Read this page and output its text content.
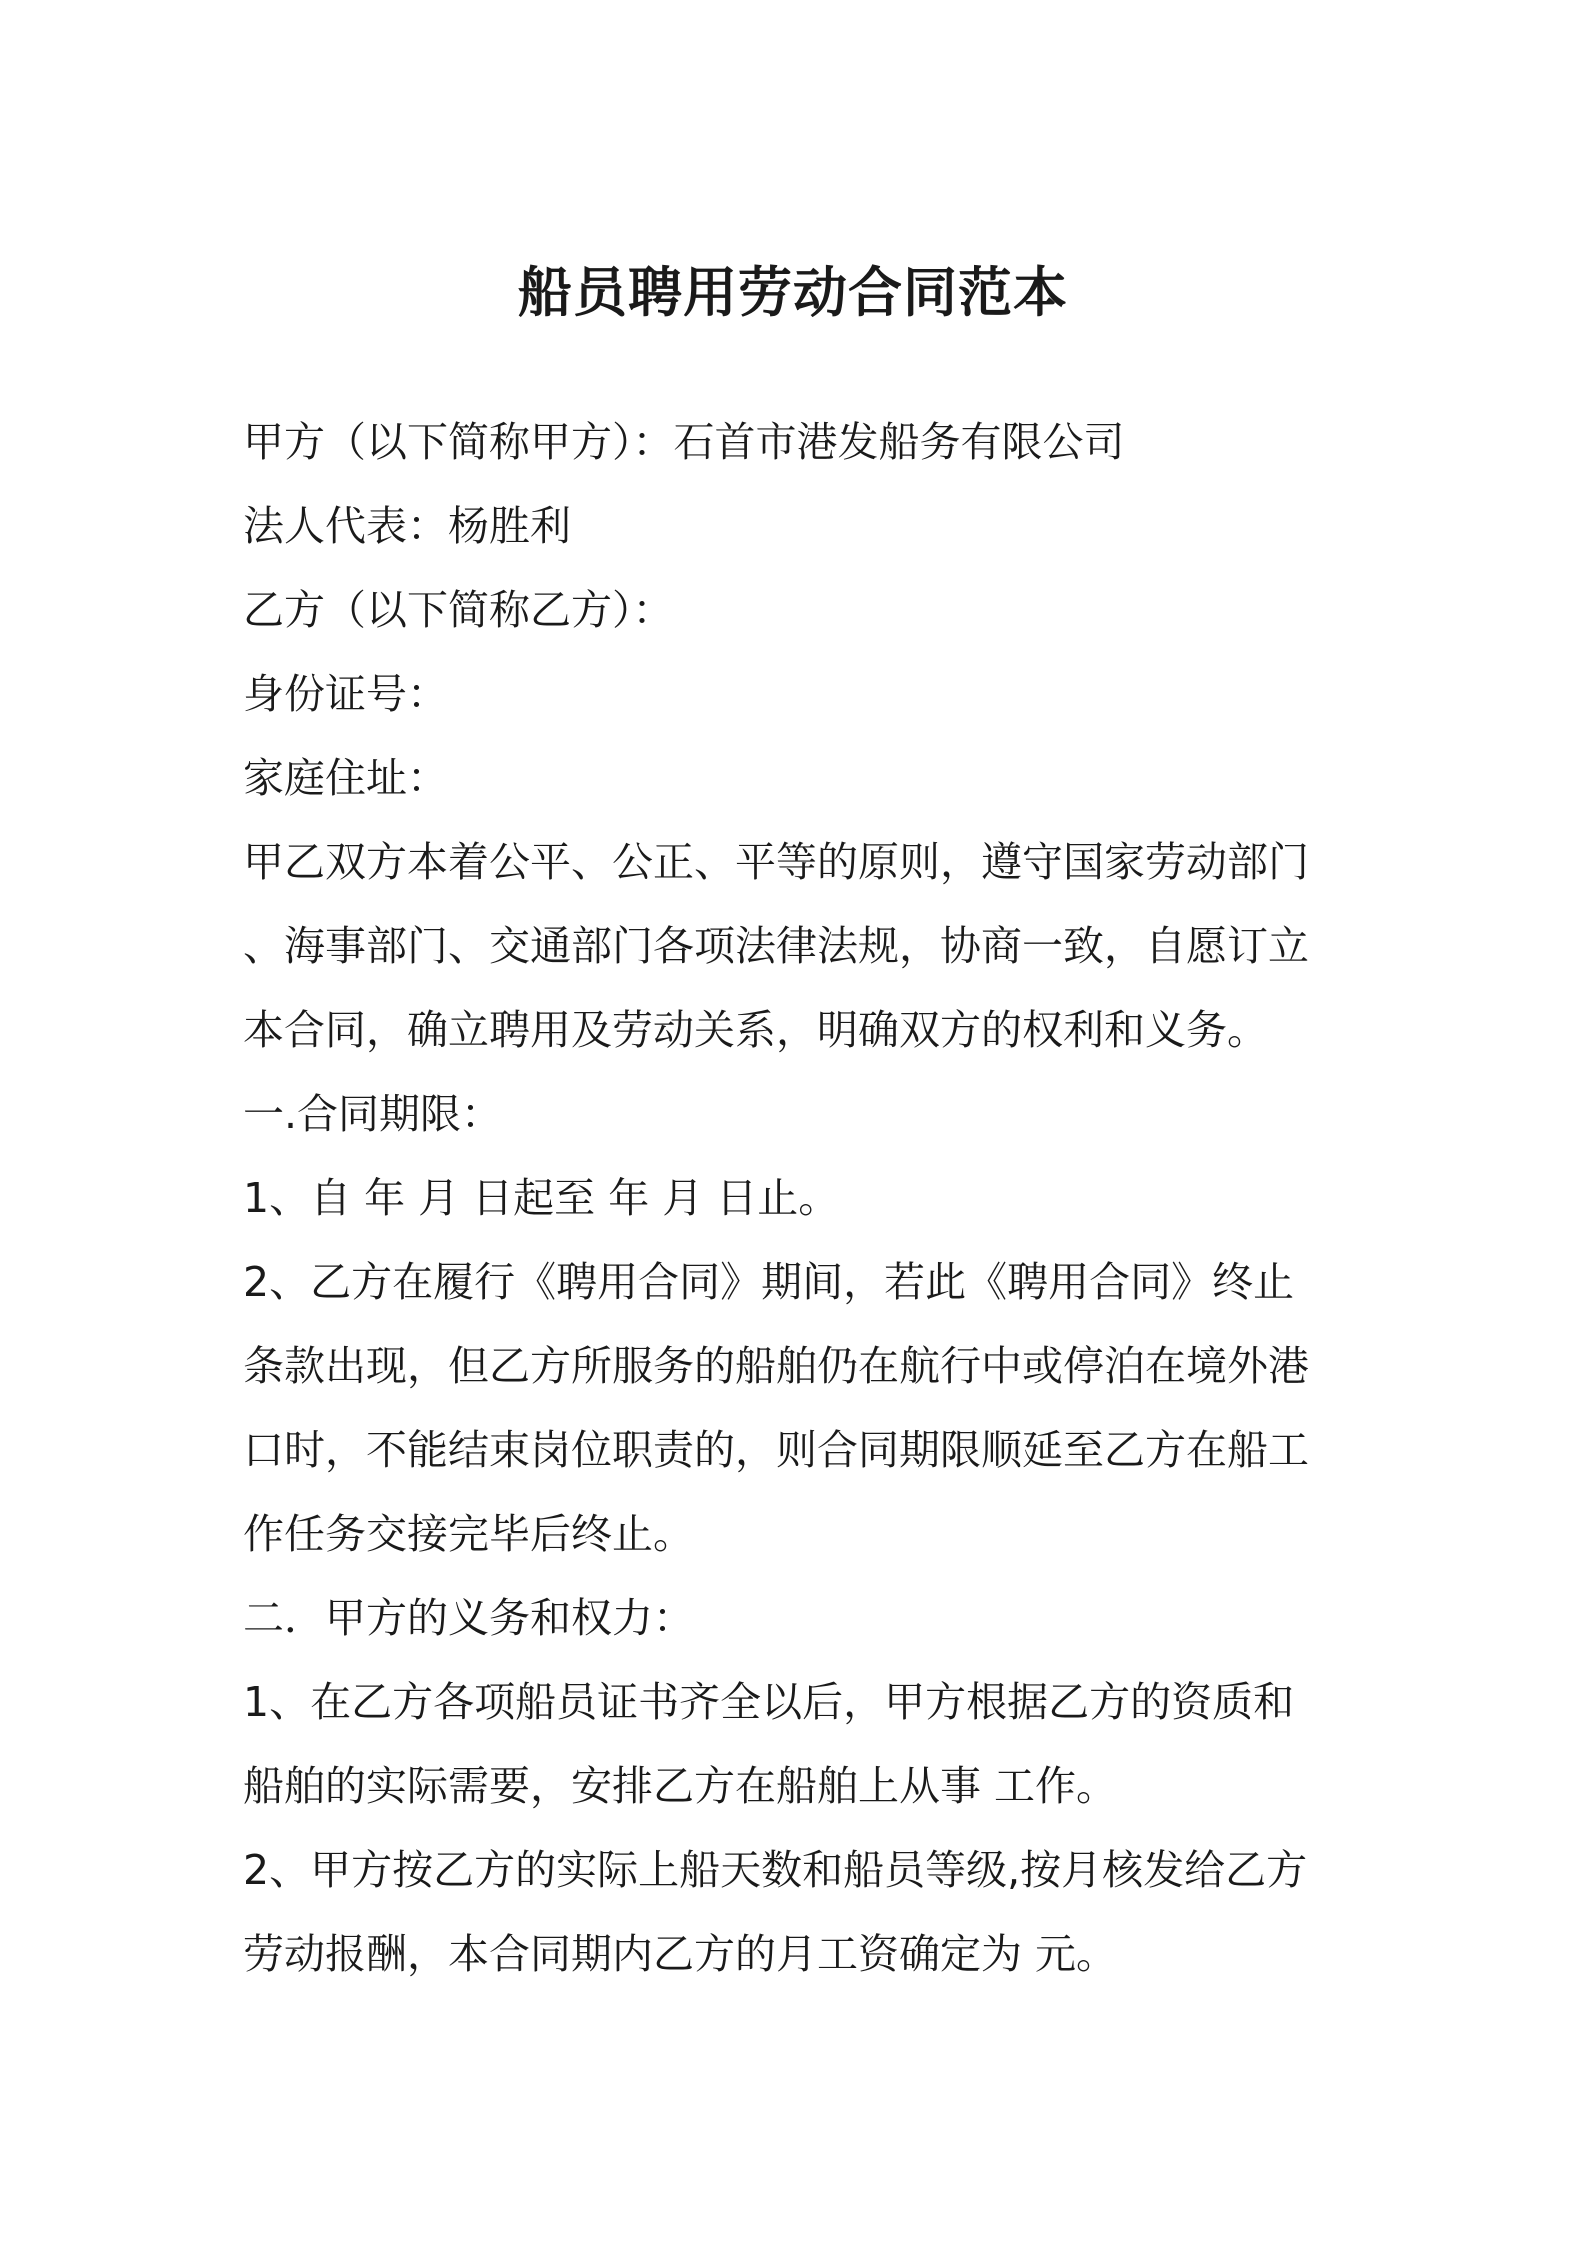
船员聘用劳动合同范本
甲方（以下简称甲方）：石首市港发船务有限公司
法人代表：杨胜利
乙方（以下简称乙方）：
身份证号：
家庭住址：
甲乙双方本着公平、公正、平等的原则，遵守国家劳动部门
、海事部门、交通部门各项法律法规，协商一致，自愿订立
本合同，确立聘用及劳动关系，明确双方的权利和义务。
一.合同期限：
1、自 年 月 日起至 年 月 日止。
2、乙方在履行《聘用合同》期间，若此《聘用合同》终止
条款出现，但乙方所服务的船舶仍在航行中或停泊在境外港
口时，不能结束岗位职责的，则合同期限顺延至乙方在船工
作任务交接完毕后终止。
二．甲方的义务和权力：
1、在乙方各项船员证书齐全以后，甲方根据乙方的资质和
船舶的实际需要，安排乙方在船舶上从事 工作。
2、甲方按乙方的实际上船天数和船员等级,按月核发给乙方
劳动报酬，本合同期内乙方的月工资确定为 元。
